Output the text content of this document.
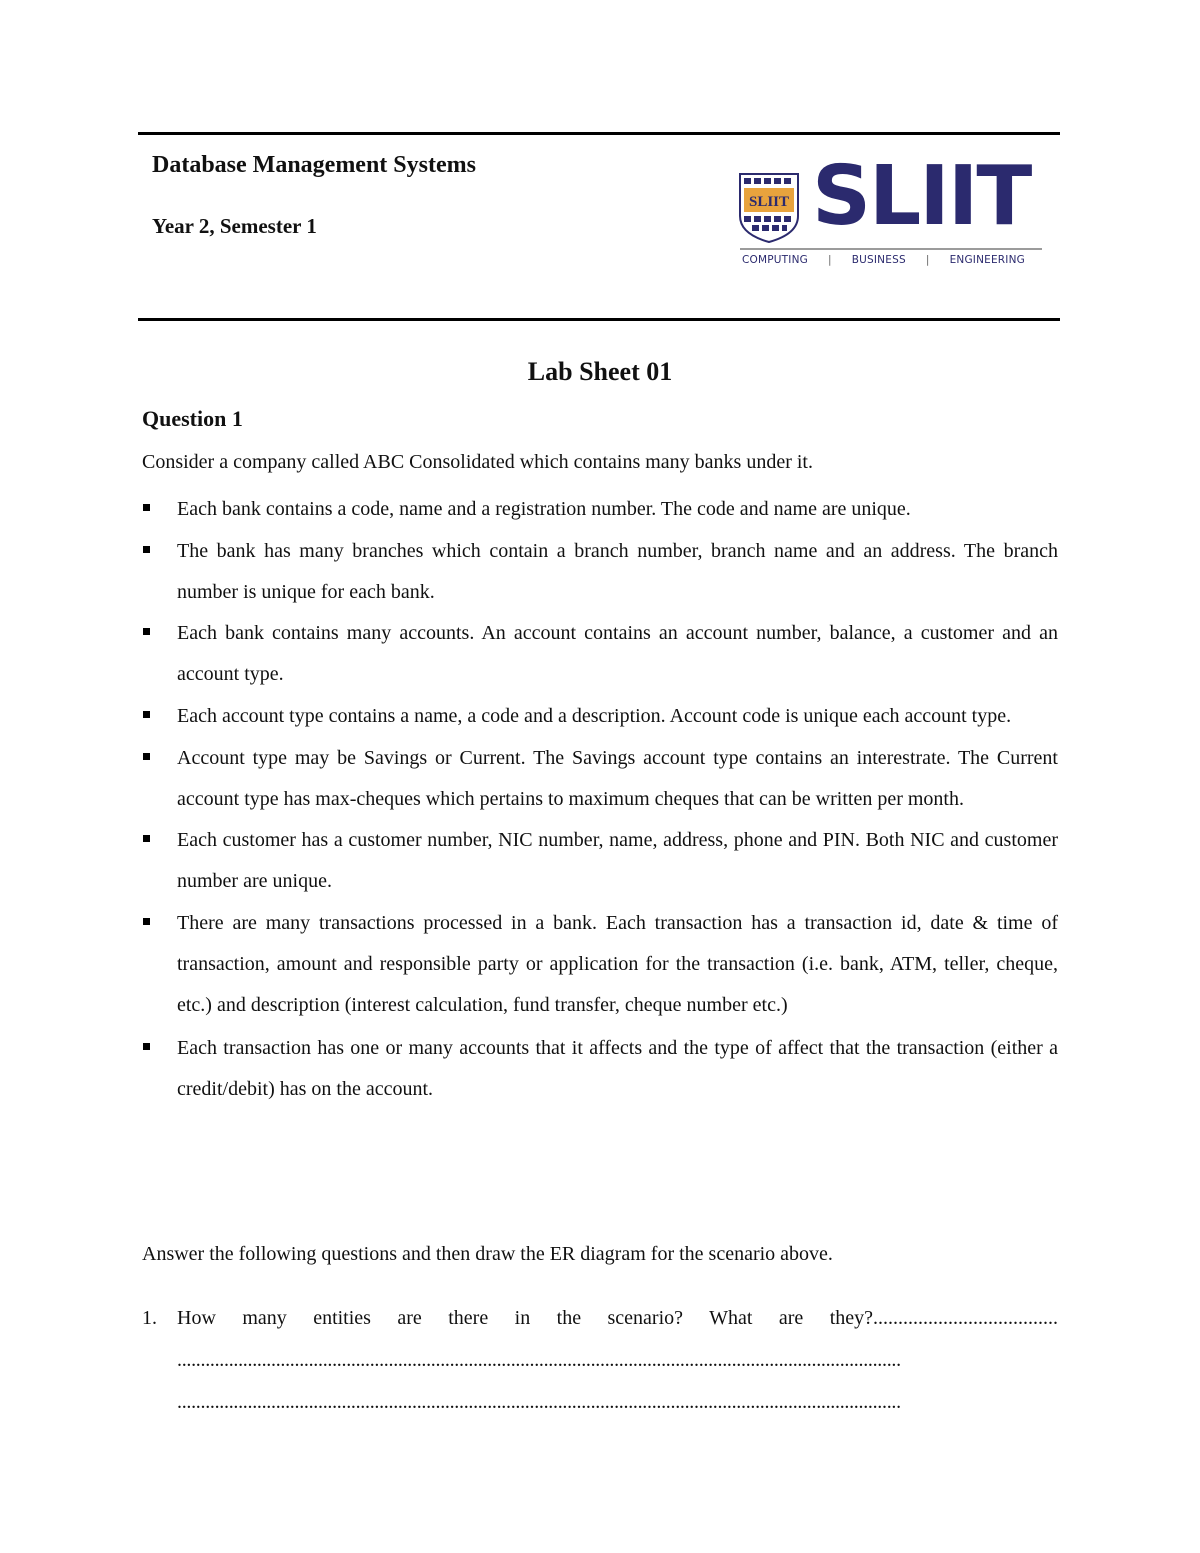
Database Management Systems
Year 2, Semester 1
SLIIT SLIIT
COMPUTING | BUSINESS | ENGINEERING
Lab Sheet 01
Question 1
Consider a company called ABC Consolidated which contains many banks under it.
Each bank contains a code, name and a registration number. The code and name are unique.
The bank has many branches which contain a branch number, branch name and an address. The branch number is unique for each bank.
Each bank contains many accounts. An account contains an account number, balance, a customer and an account type.
Each account type contains a name, a code and a description. Account code is unique each account type.
Account type may be Savings or Current. The Savings account type contains an interestrate. The Current account type has max-cheques which pertains to maximum cheques that can be written per month.
Each customer has a customer number, NIC number, name, address, phone and PIN. Both NIC and customer number are unique.
There are many transactions processed in a bank. Each transaction has a transaction id, date & time of transaction, amount and responsible party or application for the transaction (i.e. bank, ATM, teller, cheque, etc.) and description (interest calculation, fund transfer, cheque number etc.)
Each transaction has one or many accounts that it affects and the type of affect that the transaction (either a credit/debit) has on the account.
Answer the following questions and then draw the ER diagram for the scenario above.
1. How many entities are there in the scenario? What are they?.....................................
..........................................................................................................................................................
..........................................................................................................................................................
